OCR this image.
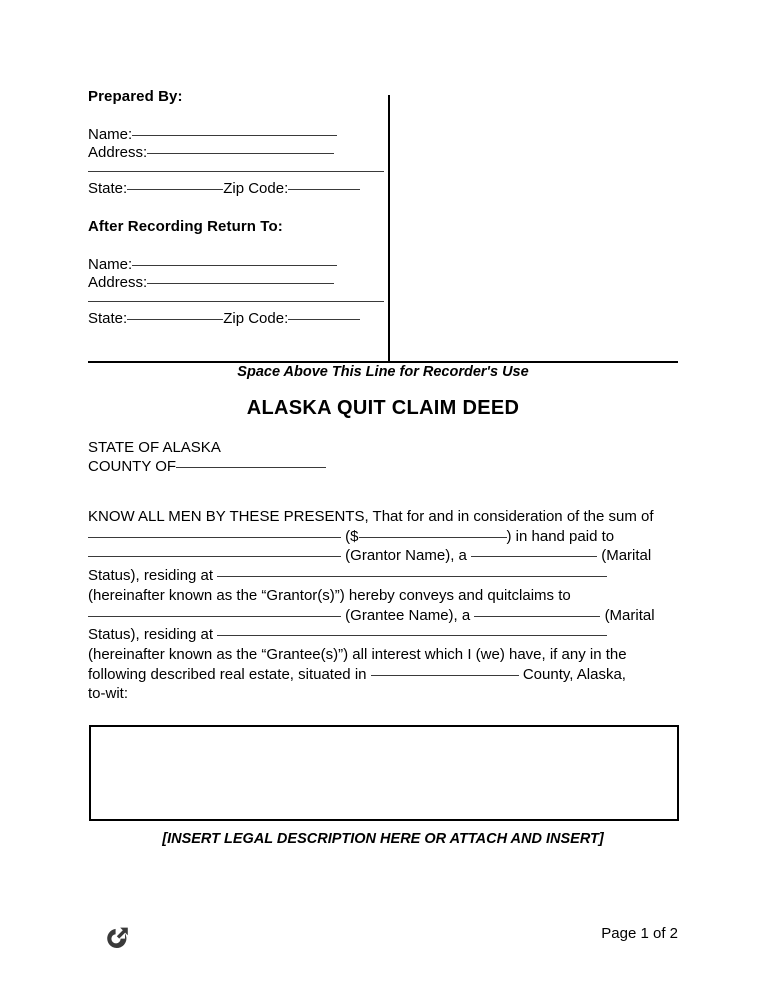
Prepared By:
Name:
Address:
State:	Zip Code:
After Recording Return To:
Name:
Address:
State:	Zip Code:
Space Above This Line for Recorder's Use
ALASKA QUIT CLAIM DEED
STATE OF ALASKA
COUNTY OF
KNOW ALL MEN BY THESE PRESENTS, That for and in consideration of the sum of
($	) in hand paid to
(Grantor Name), a	(Marital
Status), residing at
(hereinafter known as the “Grantor(s)”) hereby conveys and quitclaims to
(Grantee Name), a	(Marital
Status), residing at
(hereinafter known as the “Grantee(s)”) all interest which I (we) have, if any in the
following described real estate, situated in	County, Alaska,
to-wit:
[INSERT LEGAL DESCRIPTION HERE OR ATTACH AND INSERT]
Page 1 of 2
